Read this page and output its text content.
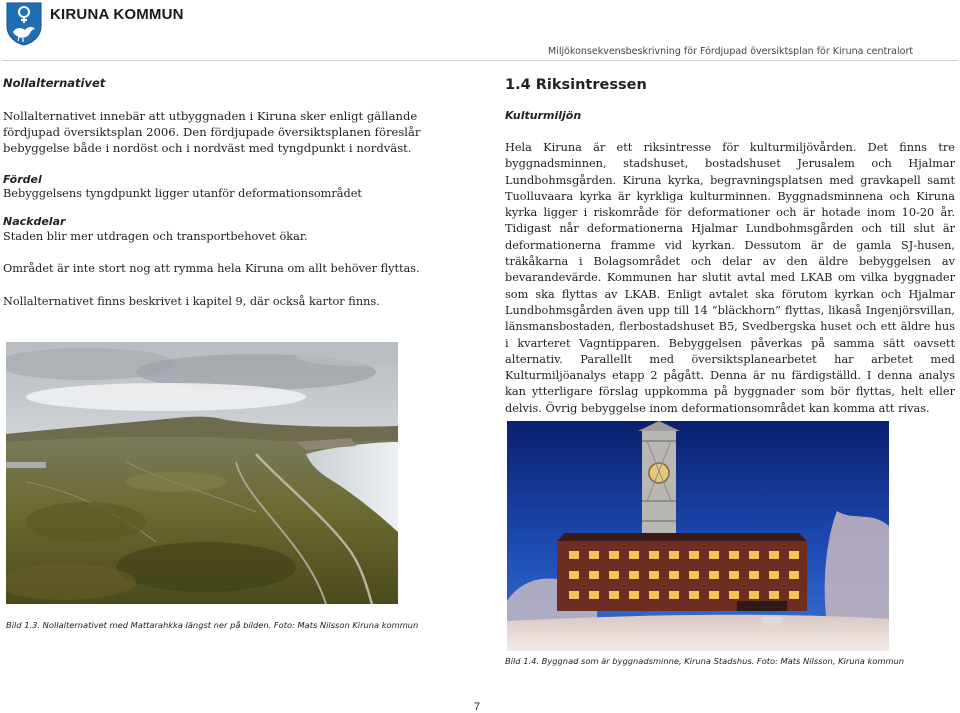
KIRUNA KOMMUN
Miljökonsekvensbeskrivning för Fördjupad översiktsplan för Kiruna centralort
Nollalternativet
Nollalternativet innebär att utbyggnaden i Kiruna sker enligt gällande fördjupad översiktsplan 2006. Den fördjupade översiktsplanen föreslår bebyggelse både i nordöst och i nordväst med tyngdpunkt i nordväst.
Fördel
Bebyggelsens tyngdpunkt ligger utanför deformationsområdet
Nackdelar
Staden blir mer utdragen och transportbehovet ökar.
Området är inte stort nog att rymma hela Kiruna om allt behöver flyttas.
Nollalternativet finns beskrivet i kapitel 9, där också kartor finns.
1.4 Riksintressen
Kulturmiljön
Hela Kiruna är ett riksintresse för kulturmiljövården. Det finns tre byggnadsminnen, stadshuset, bostadshuset Jerusalem och Hjalmar Lundbohmsgården. Kiruna kyrka, begravningsplatsen med gravkapell samt Tuolluvaara kyrka är kyrkliga kulturminnen. Byggnadsminnena och Kiruna kyrka ligger i riskområde för deformationer och är hotade inom 10-20 år. Tidigast når deformationerna Hjalmar Lundbohmsgården och till slut är deformationerna framme vid kyrkan. Dessutom är de gamla SJ-husen, träkåkarna i Bolagsområdet och delar av den äldre bebyggelsen av bevarandevärde. Kommunen har slutit avtal med LKAB om vilka byggnader som ska flyttas av LKAB. Enligt avtalet ska förutom kyrkan och Hjalmar Lundbohmsgården även upp till 14 ”bläckhorn” flyttas, likaså Ingenjörsvillan, länsmansbostaden, flerbostadshuset B5, Svedbergska huset och ett äldre hus i kvarteret Vagntipparen. Bebyggelsen påverkas på samma sätt oavsett alternativ. Parallellt med översiktsplanearbetet har arbetet med Kulturmiljöanalys etapp 2 pågått. Denna är nu färdigställd. I denna analys kan ytterligare förslag uppkomma på byggnader som bör flyttas, helt eller delvis. Övrig bebyggelse inom deformationsområdet kan komma att rivas.
Bild 1.3. Nollalternativet med Mattarahkka längst ner på bilden. Foto: Mats Nilsson Kiruna kommun
Bild 1.4. Byggnad som är byggnadsminne, Kiruna Stadshus. Foto: Mats Nilsson, Kiruna kommun
7
